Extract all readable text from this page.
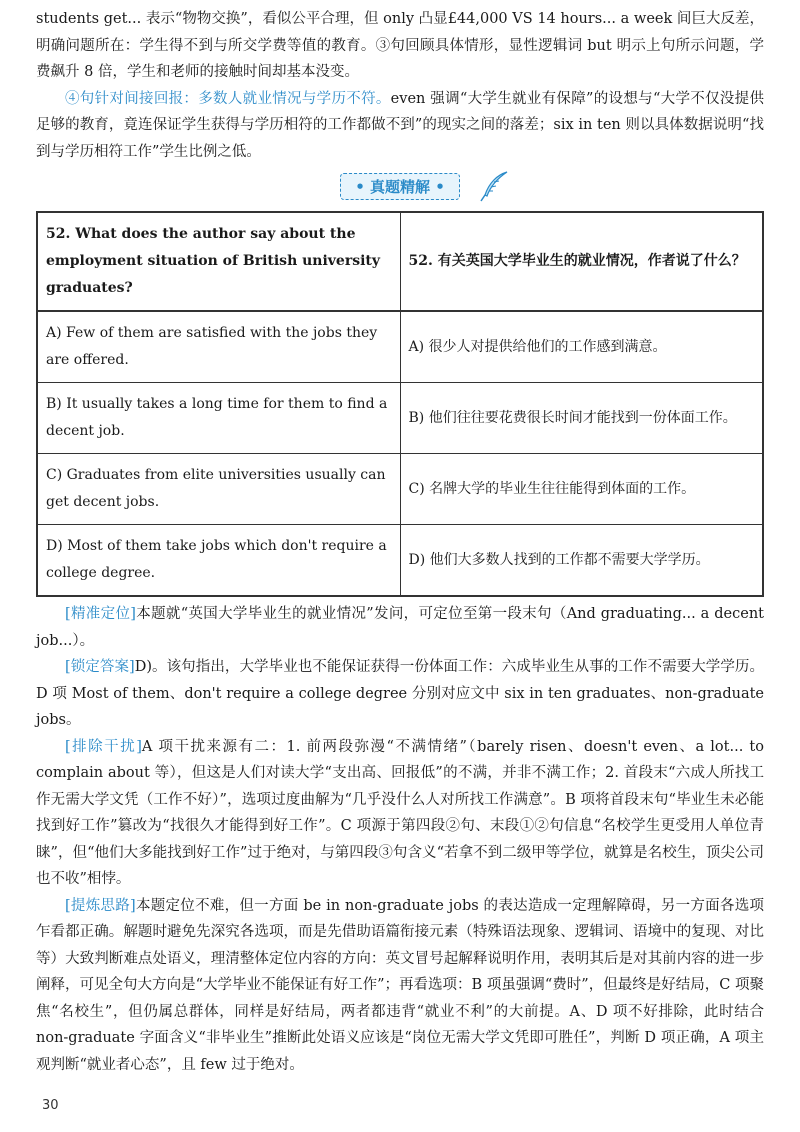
students get... 表示“物物交换”，看似公平合理，但 only 凸显£44,000 VS 14 hours... a week 间巨大反差，明确问题所在：学生得不到与所交学费等值的教育。③句回顾具体情形，显性逻辑词 but 明示上句所示问题，学费飙升 8 倍，学生和老师的接触时间却基本没变。

④句针对间接回报：多数人就业情况与学历不符。even 强调“大学生就业有保障”的设想与“大学不仅没提供足够的教育，竟连保证学生获得与学历相符的工作都做不到”的现实之间的落差；six in ten 则以具体数据说明“找到与学历相符工作”学生比例之低。

• 真题精解 •
52. What does the author say about the employment situation of British university graduates?	52. 有关英国大学毕业生的就业情况，作者说了什么？
A) Few of them are satisfied with the jobs they are offered.	A) 很少人对提供给他们的工作感到满意。
B) It usually takes a long time for them to find a decent job.	B) 他们往往要花费很长时间才能找到一份体面工作。
C) Graduates from elite universities usually can get decent jobs.	C) 名牌大学的毕业生往往能得到体面的工作。
D) Most of them take jobs which don't require a college degree.	D) 他们大多数人找到的工作都不需要大学学历。

[精准定位]本题就“英国大学毕业生的就业情况”发问，可定位至第一段末句（And graduating... a decent job...）。

[锁定答案]D)。该句指出，大学毕业也不能保证获得一份体面工作：六成毕业生从事的工作不需要大学学历。D 项 Most of them、don't require a college degree 分别对应文中 six in ten graduates、non-graduate jobs。

[排除干扰]A 项干扰来源有二：1. 前两段弥漫“不满情绪”（barely risen、doesn't even、a lot... to complain about 等），但这是人们对读大学“支出高、回报低”的不满，并非不满工作；2. 首段末“六成人所找工作无需大学文凭（工作不好）”，选项过度曲解为“几乎没什么人对所找工作满意”。B 项将首段末句“毕业生未必能找到好工作”篡改为“找很久才能得到好工作”。C 项源于第四段②句、末段①②句信息“名校学生更受用人单位青睐”，但“他们大多能找到好工作”过于绝对，与第四段③句含义“若拿不到二级甲等学位，就算是名校生，顶尖公司也不收”相悖。

[提炼思路]本题定位不难，但一方面 be in non-graduate jobs 的表达造成一定理解障碍，另一方面各选项乍看都正确。解题时避免先深究各选项，而是先借助语篇衔接元素（特殊语法现象、逻辑词、语境中的复现、对比等）大致判断难点处语义，理清整体定位内容的方向：英文冒号起解释说明作用，表明其后是对其前内容的进一步阐释，可见全句大方向是“大学毕业不能保证有好工作”；再看选项：B 项虽强调“费时”，但最终是好结局，C 项聚焦“名校生”，但仍属总群体，同样是好结局，两者都违背“就业不利”的大前提。A、D 项不好排除，此时结合 non-graduate 字面含义“非毕业生”推断此处语义应该是“岗位无需大学文凭即可胜任”，判断 D 项正确，A 项主观判断“就业者心态”，且 few 过于绝对。

30
